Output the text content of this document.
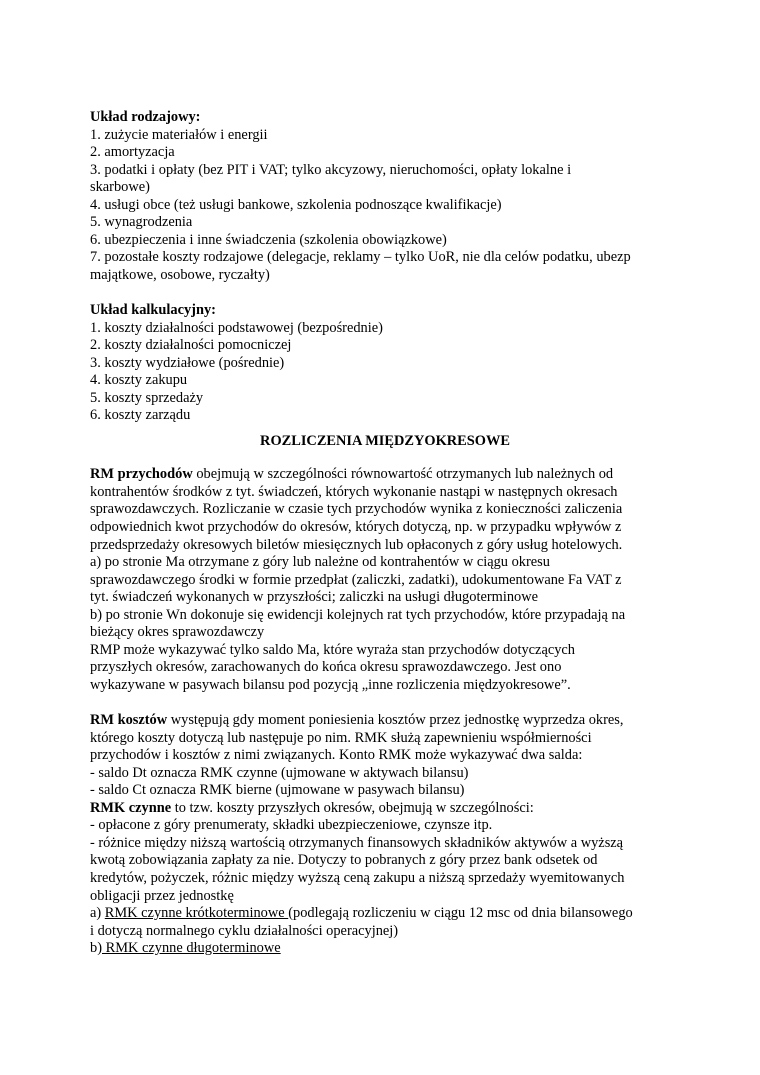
Układ rodzajowy:
1. zużycie materiałów i energii
2. amortyzacja
3. podatki i opłaty (bez PIT i VAT; tylko akcyzowy, nieruchomości, opłaty lokalne i
skarbowe)
4. usługi obce (też usługi bankowe, szkolenia podnoszące kwalifikacje)
5. wynagrodzenia
6. ubezpieczenia i inne świadczenia (szkolenia obowiązkowe)
7. pozostałe koszty rodzajowe (delegacje, reklamy – tylko UoR, nie dla celów podatku, ubezp
majątkowe, osobowe, ryczałty)
Układ kalkulacyjny:
1. koszty działalności podstawowej (bezpośrednie)
2. koszty działalności pomocniczej
3. koszty wydziałowe (pośrednie)
4. koszty zakupu
5. koszty sprzedaży
6. koszty zarządu
ROZLICZENIA MIĘDZYOKRESOWE
RM przychodów obejmują w szczególności równowartość otrzymanych lub należnych od
kontrahentów środków z tyt. świadczeń, których wykonanie nastąpi w następnych okresach
sprawozdawczych. Rozliczanie w czasie tych przychodów wynika z konieczności zaliczenia
odpowiednich kwot przychodów do okresów, których dotyczą, np. w przypadku wpływów z
przedsprzedaży okresowych biletów miesięcznych lub opłaconych z góry usług hotelowych.
a) po stronie Ma otrzymane z góry lub należne od kontrahentów w ciągu okresu
sprawozdawczego środki w formie przedpłat (zaliczki, zadatki), udokumentowane Fa VAT z
tyt. świadczeń wykonanych w przyszłości; zaliczki na usługi długoterminowe
b) po stronie Wn dokonuje się ewidencji kolejnych rat tych przychodów, które przypadają na
bieżący okres sprawozdawczy
RMP może wykazywać tylko saldo Ma, które wyraża stan przychodów dotyczących
przyszłych okresów, zarachowanych do końca okresu sprawozdawczego. Jest ono
wykazywane w pasywach bilansu pod pozycją „inne rozliczenia międzyokresowe”.
RM kosztów występują gdy moment poniesienia kosztów przez jednostkę wyprzedza okres,
którego koszty dotyczą lub następuje po nim. RMK służą zapewnieniu współmierności
przychodów i kosztów z nimi związanych. Konto RMK może wykazywać dwa salda:
- saldo Dt oznacza RMK czynne (ujmowane w aktywach bilansu)
- saldo Ct oznacza RMK bierne (ujmowane w pasywach bilansu)
RMK czynne to tzw. koszty przyszłych okresów, obejmują w szczególności:
- opłacone z góry prenumeraty, składki ubezpieczeniowe, czynsze itp.
- różnice między niższą wartością otrzymanych finansowych składników aktywów a wyższą
kwotą zobowiązania zapłaty za nie. Dotyczy to pobranych z góry przez bank odsetek od
kredytów, pożyczek, różnic między wyższą ceną zakupu a niższą sprzedaży wyemitowanych
obligacji przez jednostkę
a) RMK czynne krótkoterminowe (podlegają rozliczeniu w ciągu 12 msc od dnia bilansowego
i dotyczą normalnego cyklu działalności operacyjnej)
b) RMK czynne długoterminowe
